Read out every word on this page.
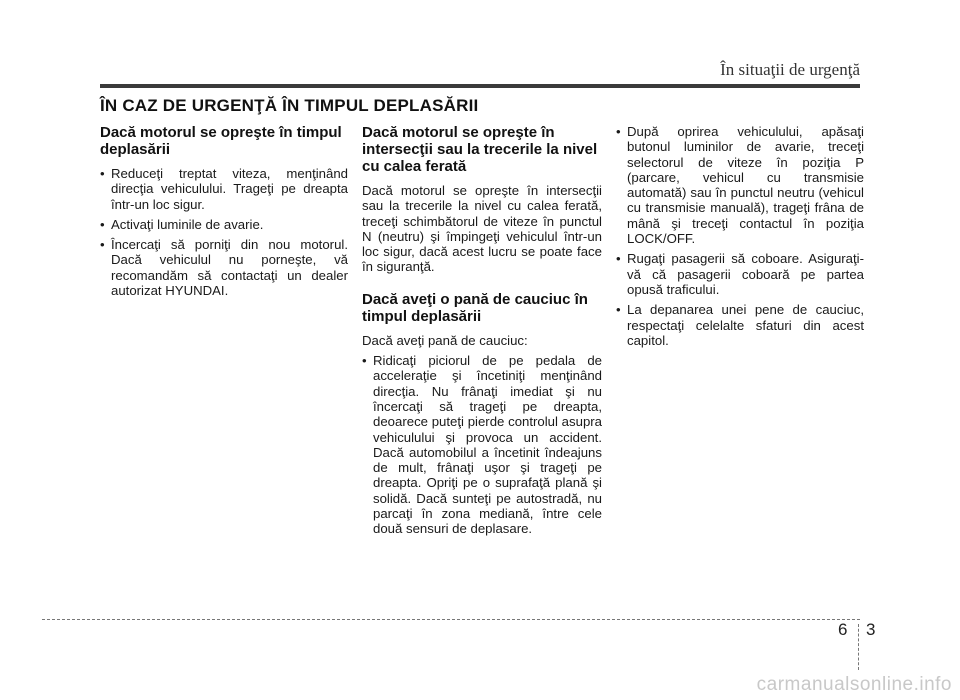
În situaţii de urgenţă
ÎN CAZ DE URGENŢĂ ÎN TIMPUL DEPLASĂRII
Dacă motorul se opreşte în timpul deplasării
• Reduceţi treptat viteza, menţinând direcţia vehiculului. Trageţi pe dreapta într-un loc sigur.
• Activaţi luminile de avarie.
• Încercaţi să porniţi din nou motorul. Dacă vehiculul nu porneşte, vă recomandăm să contactaţi un dealer autorizat HYUNDAI.
Dacă motorul se opreşte în intersecţii sau la trecerile la nivel cu calea ferată

Dacă motorul se opreşte în intersecţii sau la trecerile la nivel cu calea ferată, treceţi schimbătorul de viteze în punctul N (neutru) şi împingeţi vehiculul într-un loc sigur, dacă acest lucru se poate face în siguranţă.

Dacă aveţi o pană de cauciuc în timpul deplasării

Dacă aveţi pană de cauciuc:

• Ridicaţi piciorul de pe pedala de acceleraţie şi încetiniţi menţinând direcţia. Nu frânaţi imediat şi nu încercaţi să trageţi pe dreapta, deoarece puteţi pierde controlul asupra vehiculului şi provoca un accident. Dacă automobilul a încetinit îndeajuns de mult, frânaţi uşor şi trageţi pe dreapta. Opriţi pe o suprafaţă plană şi solidă. Dacă sunteţi pe autostradă, nu parcaţi în zona mediană, între cele două sensuri de deplasare.
• După oprirea vehiculului, apăsaţi butonul luminilor de avarie, treceţi selectorul de viteze în poziţia P (parcare, vehicul cu transmisie automată) sau în punctul neutru (vehicul cu transmisie manuală), trageţi frâna de mână şi treceţi contactul în poziţia LOCK/OFF.
• Rugaţi pasagerii să coboare. Asiguraţi-vă că pasagerii coboară pe partea opusă traficului.
• La depanarea unei pene de cauciuc, respectaţi celelalte sfaturi din acest capitol.
6 3
carmanualsonline.info
